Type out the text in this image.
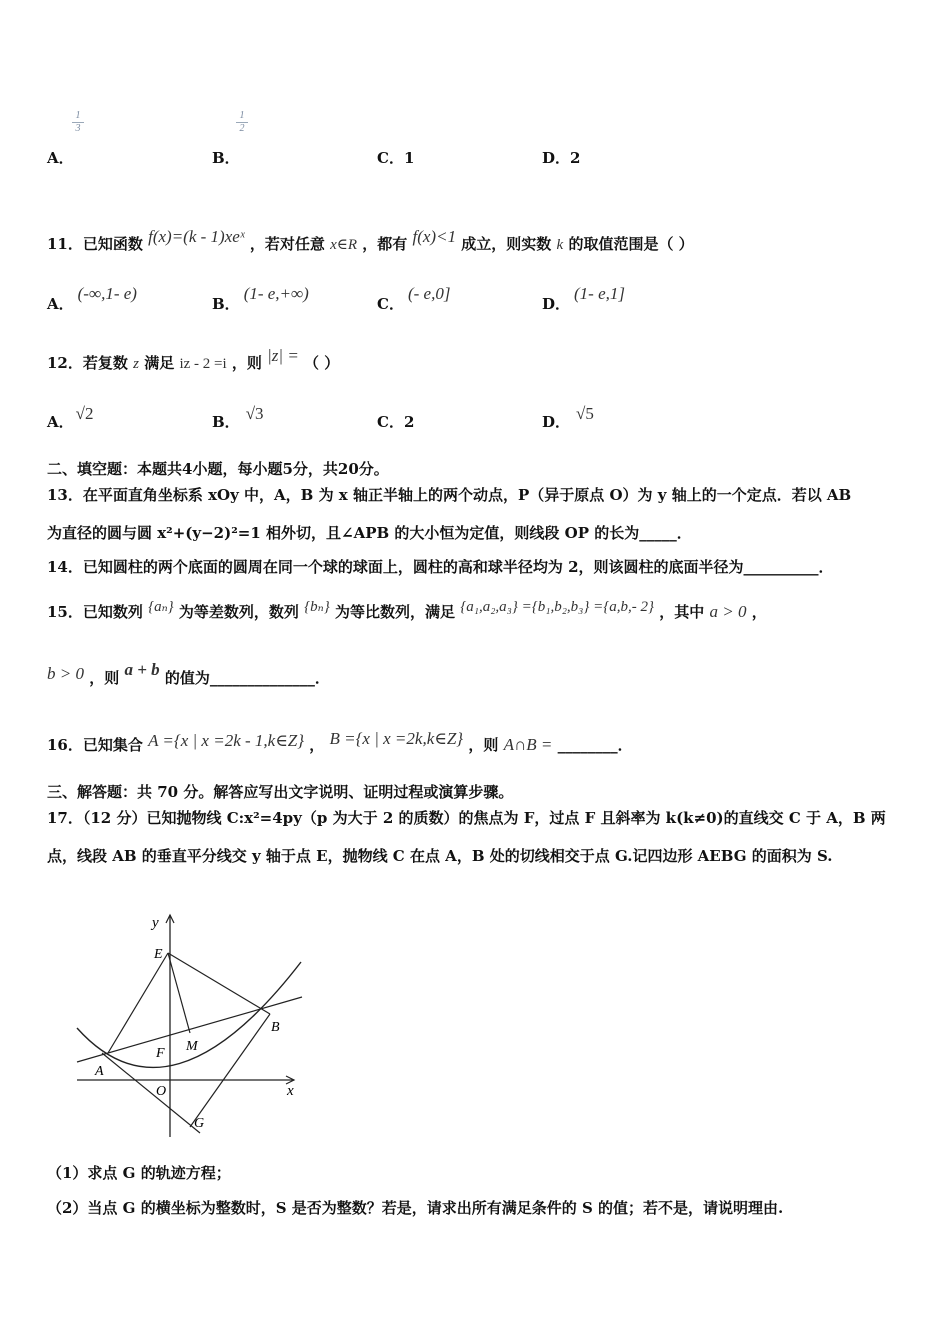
$\frac{1}{3}$
A．
$\frac{1}{2}$
B．	C．1	D．2
11．已知函数 f(x)=(k - 1)xeˣ ，若对任意 x∈R ，都有 f(x)<1 成立，则实数 k 的取值范围是（ ）
A．(-∞,1- e)
B．(1- e,+∞)
C．(- e,0]
D．(1- e,1]
12．若复数 z 满足 iz - 2 =i ，则 |z| = （ ）
A． √2	B． √3	C．2	D． √5
二、填空题：本题共4小题，每小题5分，共20分。
13．在平面直角坐标系 xOy 中，A，B 为 x 轴正半轴上的两个动点，P（异于原点 O）为 y 轴上的一个定点．若以 AB
为直径的圆与圆 x²+(y−2)²=1 相外切，且∠APB 的大小恒为定值，则线段 OP 的长为_____．
14．已知圆柱的两个底面的圆周在同一个球的球面上，圆柱的高和球半径均为 2，则该圆柱的底面半径为__________．
15．已知数列 {aₙ} 为等差数列，数列 {bₙ} 为等比数列，满足 {a₁,a₂,a₃} ={b₁,b₂,b₃} ={a,b,- 2} ，其中 a > 0 ，
b > 0 ，则 a + b 的值为______________．
16．已知集合 A ={x | x =2k - 1,k∈Z} ， B ={x | x =2k,k∈Z} ，则 A∩B = ________．
三、解答题：共 70 分。解答应写出文字说明、证明过程或演算步骤。
17．（12 分）已知抛物线 C:x²=4py（p 为大于 2 的质数）的焦点为 F，过点 F 且斜率为 k(k≠0)的直线交 C 于 A，B 两
点，线段 AB 的垂直平分线交 y 轴于点 E，抛物线 C 在点 A，B 处的切线相交于点 G.记四边形 AEBG 的面积为 S.
y
x
E
F M
A
B
O
G
（1）求点 G 的轨迹方程；
（2）当点 G 的横坐标为整数时，S 是否为整数？若是，请求出所有满足条件的 S 的值；若不是，请说明理由.
